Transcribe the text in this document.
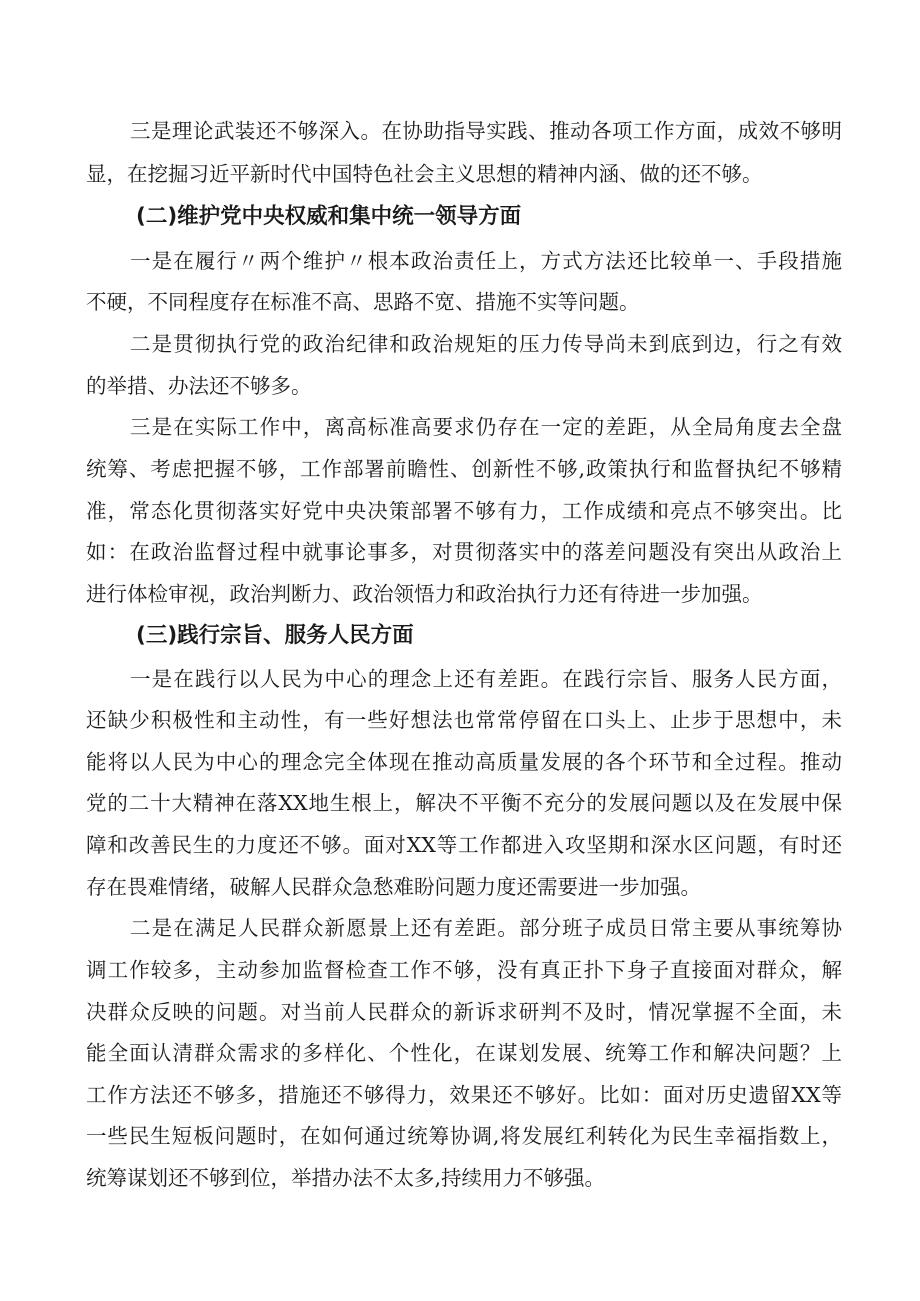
三是理论武装还不够深入。在协助指导实践、推动各项工作方面，成效不够明
显，在挖掘习近平新时代中国特色社会主义思想的精神内涵、做的还不够。
(二)维护党中央权威和集中统一领导方面
一是在履行〃两个维护〃根本政治责任上，方式方法还比较单一、手段措施
不硬，不同程度存在标准不高、思路不宽、措施不实等问题。
二是贯彻执行党的政治纪律和政治规矩的压力传导尚未到底到边，行之有效
的举措、办法还不够多。
三是在实际工作中，离高标准高要求仍存在一定的差距，从全局角度去全盘
统筹、考虑把握不够，工作部署前瞻性、创新性不够,政策执行和监督执纪不够精
准，常态化贯彻落实好党中央决策部署不够有力，工作成绩和亮点不够突出。比
如：在政治监督过程中就事论事多，对贯彻落实中的落差问题没有突出从政治上
进行体检审视，政治判断力、政治领悟力和政治执行力还有待进一步加强。
(三)践行宗旨、服务人民方面
一是在践行以人民为中心的理念上还有差距。在践行宗旨、服务人民方面，
还缺少积极性和主动性，有一些好想法也常常停留在口头上、止步于思想中，未
能将以人民为中心的理念完全体现在推动高质量发展的各个环节和全过程。推动
党的二十大精神在落XX地生根上，解决不平衡不充分的发展问题以及在发展中保
障和改善民生的力度还不够。面对XX等工作都进入攻坚期和深水区问题，有时还
存在畏难情绪，破解人民群众急愁难盼问题力度还需要进一步加强。
二是在满足人民群众新愿景上还有差距。部分班子成员日常主要从事统筹协
调工作较多，主动参加监督检查工作不够，没有真正扑下身子直接面对群众，解
决群众反映的问题。对当前人民群众的新诉求研判不及时，情况掌握不全面，未
能全面认清群众需求的多样化、个性化，在谋划发展、统筹工作和解决问题？上
工作方法还不够多，措施还不够得力，效果还不够好。比如：面对历史遗留XX等
一些民生短板问题时，在如何通过统筹协调,将发展红利转化为民生幸福指数上，
统筹谋划还不够到位，举措办法不太多,持续用力不够强。
